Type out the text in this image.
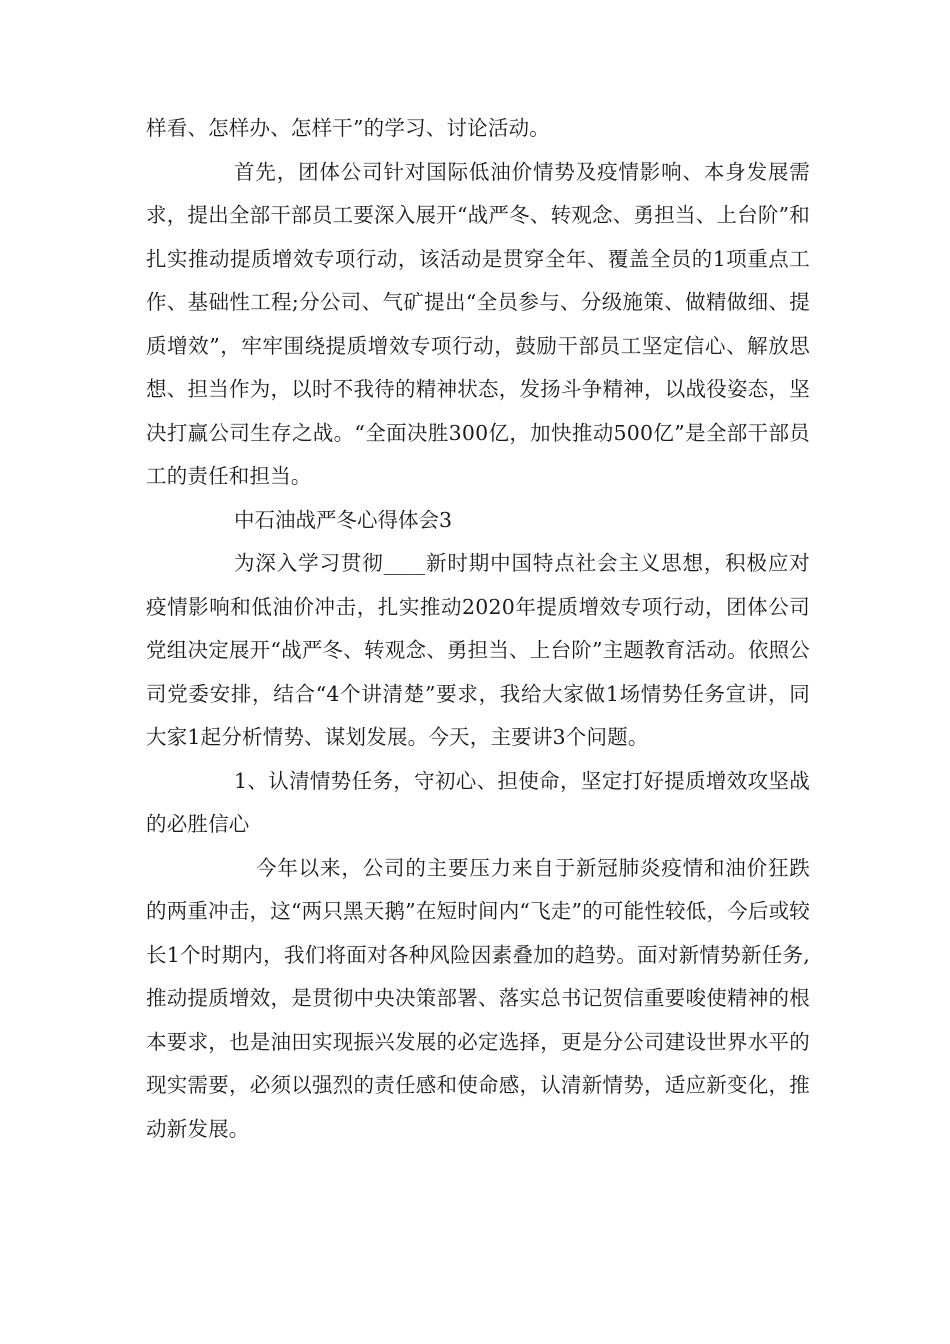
样看、怎样办、怎样干”的学习、讨论活动。

首先，团体公司针对国际低油价情势及疫情影响、本身发展需求，提出全部干部员工要深入展开“战严冬、转观念、勇担当、上台阶”和扎实推动提质增效专项行动，该活动是贯穿全年、覆盖全员的1项重点工作、基础性工程;分公司、气矿提出“全员参与、分级施策、做精做细、提质增效”，牢牢围绕提质增效专项行动，鼓励干部员工坚定信心、解放思想、担当作为，以时不我待的精神状态，发扬斗争精神，以战役姿态，坚决打赢公司生存之战。“全面决胜300亿，加快推动500亿”是全部干部员工的责任和担当。

中石油战严冬心得体会3

为深入学习贯彻____新时期中国特点社会主义思想，积极应对疫情影响和低油价冲击，扎实推动2020年提质增效专项行动，团体公司党组决定展开“战严冬、转观念、勇担当、上台阶”主题教育活动。依照公司党委安排，结合“4个讲清楚”要求，我给大家做1场情势任务宣讲，同大家1起分析情势、谋划发展。今天，主要讲3个问题。

1、认清情势任务，守初心、担使命，坚定打好提质增效攻坚战的必胜信心

今年以来，公司的主要压力来自于新冠肺炎疫情和油价狂跌的两重冲击，这“两只黑天鹅”在短时间内“飞走”的可能性较低，今后或较长1个时期内，我们将面对各种风险因素叠加的趋势。面对新情势新任务,推动提质增效，是贯彻中央决策部署、落实总书记贺信重要唆使精神的根本要求，也是油田实现振兴发展的必定选择，更是分公司建设世界水平的现实需要，必须以强烈的责任感和使命感，认清新情势，适应新变化，推动新发展。
